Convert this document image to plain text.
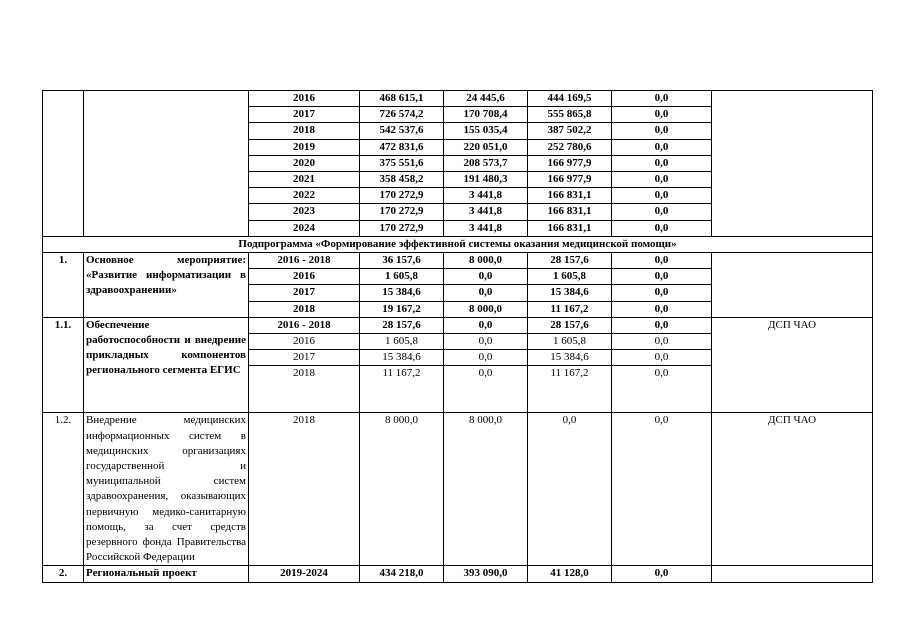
		2016	468 615,1	24 445,6	444 169,5	0,0	
		2017	726 574,2	170 708,4	555 865,8	0,0	
		2018	542 537,6	155 035,4	387 502,2	0,0	
		2019	472 831,6	220 051,0	252 780,6	0,0	
		2020	375 551,6	208 573,7	166 977,9	0,0	
		2021	358 458,2	191 480,3	166 977,9	0,0	
		2022	170 272,9	3 441,8	166 831,1	0,0	
		2023	170 272,9	3 441,8	166 831,1	0,0	
		2024	170 272,9	3 441,8	166 831,1	0,0	
Подпрограмма «Формирование эффективной системы оказания медицинской помощи»							
1.	Основное мероприятие: «Развитие информатизации в здравоохранении»	2016 - 2018	36 157,6	8 000,0	28 157,6	0,0	
		2016	1 605,8	0,0	1 605,8	0,0	
		2017	15 384,6	0,0	15 384,6	0,0	
		2018	19 167,2	8 000,0	11 167,2	0,0	
1.1.	Обеспечение работоспособности и внедрение прикладных компонентов регионального сегмента ЕГИС	2016 - 2018	28 157,6	0,0	28 157,6	0,0	ДСП ЧАО
		2016	1 605,8	0,0	1 605,8	0,0	
		2017	15 384,6	0,0	15 384,6	0,0	
		2018	11 167,2	0,0	11 167,2	0,0	
1.2.	Внедрение медицинских информационных систем в медицинских организациях государственной и муниципальной систем здравоохранения, оказывающих первичную медико-санитарную помощь, за счет средств резервного фонда Правительства Российской Федерации	2018	8 000,0	8 000,0	0,0	0,0	ДСП ЧАО
2.	Региональный проект	2019-2024	434 218,0	393 090,0	41 128,0	0,0	
